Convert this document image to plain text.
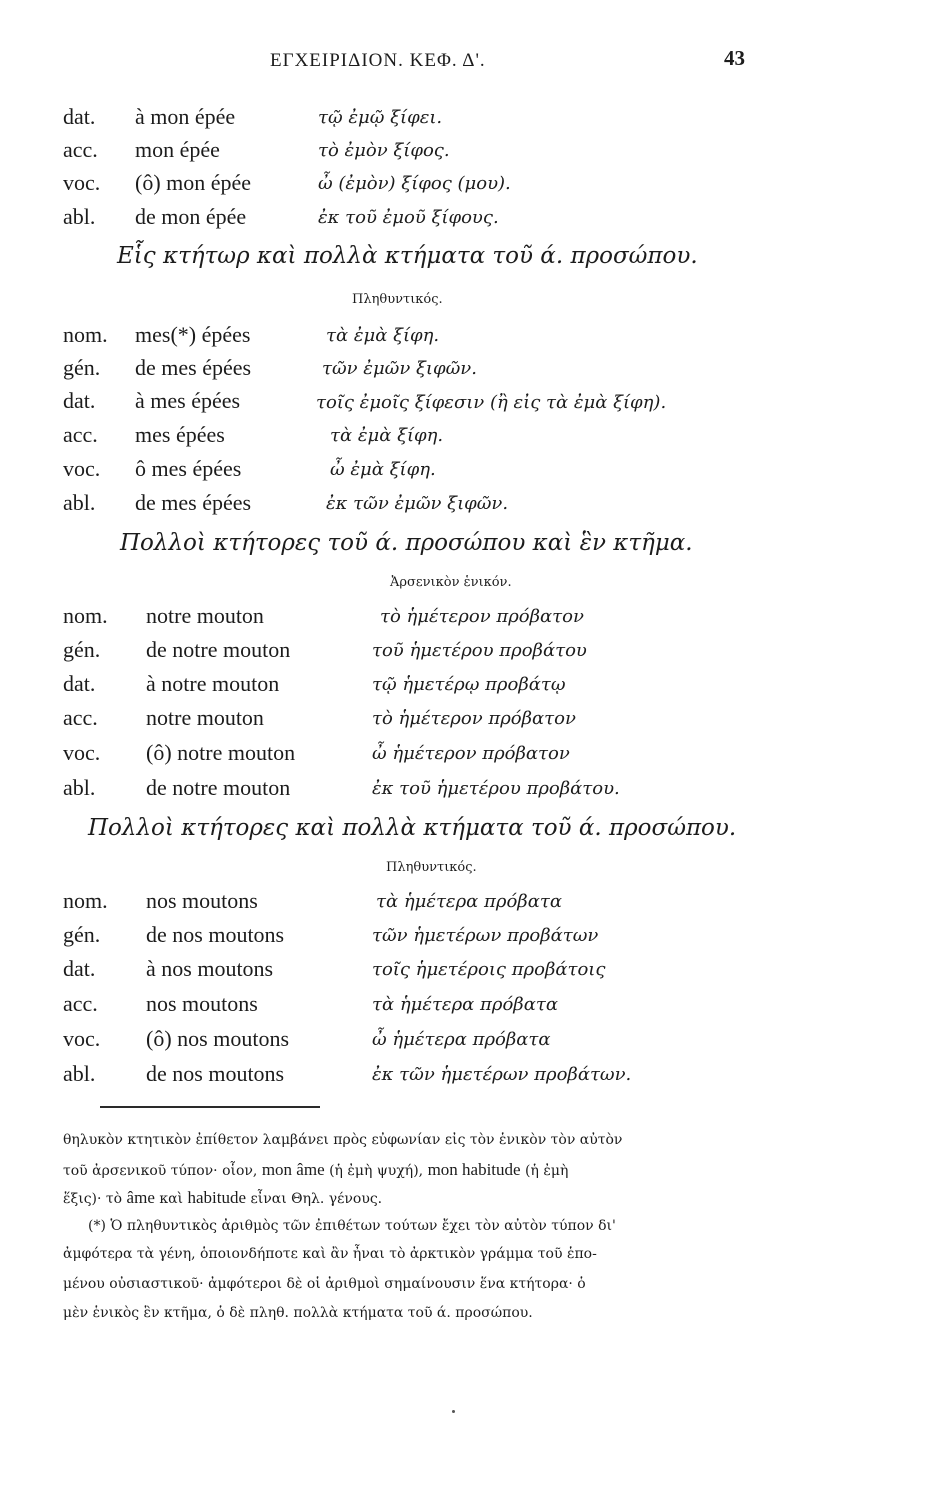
ΕΓΧΕΙΡΙΔΙΟΝ. ΚΕΦ. Δ'.	43
dat. à mon épée	τῷ ἐμῷ ξίφει.
acc. mon épée	τὸ ἐμὸν ξίφος.
voc. (ô) mon épée	ὦ (ἐμὸν) ξίφος (μου).
abl. de mon épée	ἐκ τοῦ ἐμοῦ ξίφους.
Εἷς κτήτωρ καὶ πολλὰ κτήματα τοῦ ά. προσώπου.
Πληθυντικός.
nom. mes(*) épées	τὰ ἐμὰ ξίφη.
gén. de mes épées	τῶν ἐμῶν ξιφῶν.
dat. à mes épées	τοῖς ἐμοῖς ξίφεσιν (ἢ εἰς τὰ ἐμὰ ξίφη).
acc. mes épées	τὰ ἐμὰ ξίφη.
voc. ô mes épées	ὦ ἐμὰ ξίφη.
abl. de mes épées	ἐκ τῶν ἐμῶν ξιφῶν.
Πολλοὶ κτήτορες τοῦ ά. προσώπου καὶ ἓν κτῆμα.
Ἀρσενικὸν ἑνικόν.
nom. notre mouton	τὸ ἡμέτερον πρόβατον
gén. de notre mouton	τοῦ ἡμετέρου προβάτου
dat. à notre mouton	τῷ ἡμετέρῳ προβάτῳ
acc. notre mouton	τὸ ἡμέτερον πρόβατον
voc. (ô) notre mouton	ὦ ἡμέτερον πρόβατον
abl. de notre mouton	ἐκ τοῦ ἡμετέρου προβάτου.
Πολλοὶ κτήτορες καὶ πολλὰ κτήματα τοῦ ά. προσώπου.
Πληθυντικός.
nom. nos moutons	τὰ ἡμέτερα πρόβατα
gén. de nos moutons	τῶν ἡμετέρων προβάτων
dat. à nos moutons	τοῖς ἡμετέροις προβάτοις
acc. nos moutons	τὰ ἡμέτερα πρόβατα
voc. (ô) nos moutons	ὦ ἡμέτερα πρόβατα
abl. de nos moutons	ἐκ τῶν ἡμετέρων προβάτων.
θηλυκὸν κτητικὸν ἐπίθετον λαμβάνει πρὸς εὐφωνίαν εἰς τὸν ἑνικὸν τὸν αὐτὸν
τοῦ ἀρσενικοῦ τύπον· οἷον, mon âme (ἡ ἐμὴ ψυχή), mon habitude (ἡ ἐμὴ
ἕξις)· τὸ âme καὶ habitude εἶναι Θηλ. γένους.
(*) Ὁ πληθυντικὸς ἀριθμὸς τῶν ἐπιθέτων τούτων ἔχει τὸν αὐτὸν τύπον δι'
ἀμφότερα τὰ γένη, ὁποιονδήποτε καὶ ἂν ἦναι τὸ ἀρκτικὸν γράμμα τοῦ ἑπο-
μένου οὐσιαστικοῦ· ἀμφότεροι δὲ οἱ ἀριθμοὶ σημαίνουσιν ἕνα κτήτορα· ὁ
μὲν ἑνικὸς ἓν κτῆμα, ὁ δὲ πληθ. πολλὰ κτήματα τοῦ ά. προσώπου.
